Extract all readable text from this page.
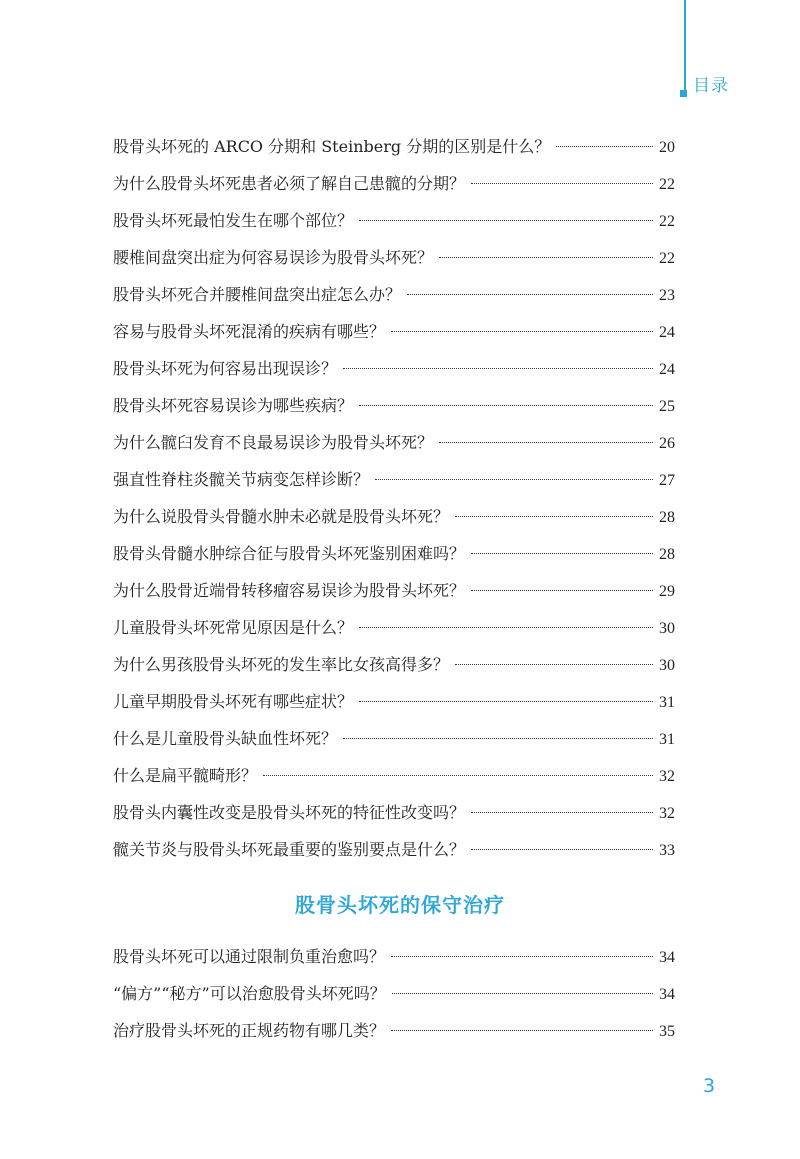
目录
股骨头坏死的 ARCO 分期和 Steinberg 分期的区别是什么？	20
为什么股骨头坏死患者必须了解自己患髋的分期？	22
股骨头坏死最怕发生在哪个部位？	22
腰椎间盘突出症为何容易误诊为股骨头坏死？	22
股骨头坏死合并腰椎间盘突出症怎么办？	23
容易与股骨头坏死混淆的疾病有哪些？	24
股骨头坏死为何容易出现误诊？	24
股骨头坏死容易误诊为哪些疾病？	25
为什么髋臼发育不良最易误诊为股骨头坏死？	26
强直性脊柱炎髋关节病变怎样诊断？	27
为什么说股骨头骨髓水肿未必就是股骨头坏死？	28
股骨头骨髓水肿综合征与股骨头坏死鉴别困难吗？	28
为什么股骨近端骨转移瘤容易误诊为股骨头坏死？	29
儿童股骨头坏死常见原因是什么？	30
为什么男孩股骨头坏死的发生率比女孩高得多？	30
儿童早期股骨头坏死有哪些症状？	31
什么是儿童股骨头缺血性坏死？	31
什么是扁平髋畸形？	32
股骨头内囊性改变是股骨头坏死的特征性改变吗？	32
髋关节炎与股骨头坏死最重要的鉴别要点是什么？	33
股骨头坏死的保守治疗
股骨头坏死可以通过限制负重治愈吗？	34
“偏方”“秘方”可以治愈股骨头坏死吗？	34
治疗股骨头坏死的正规药物有哪几类？	35
3
